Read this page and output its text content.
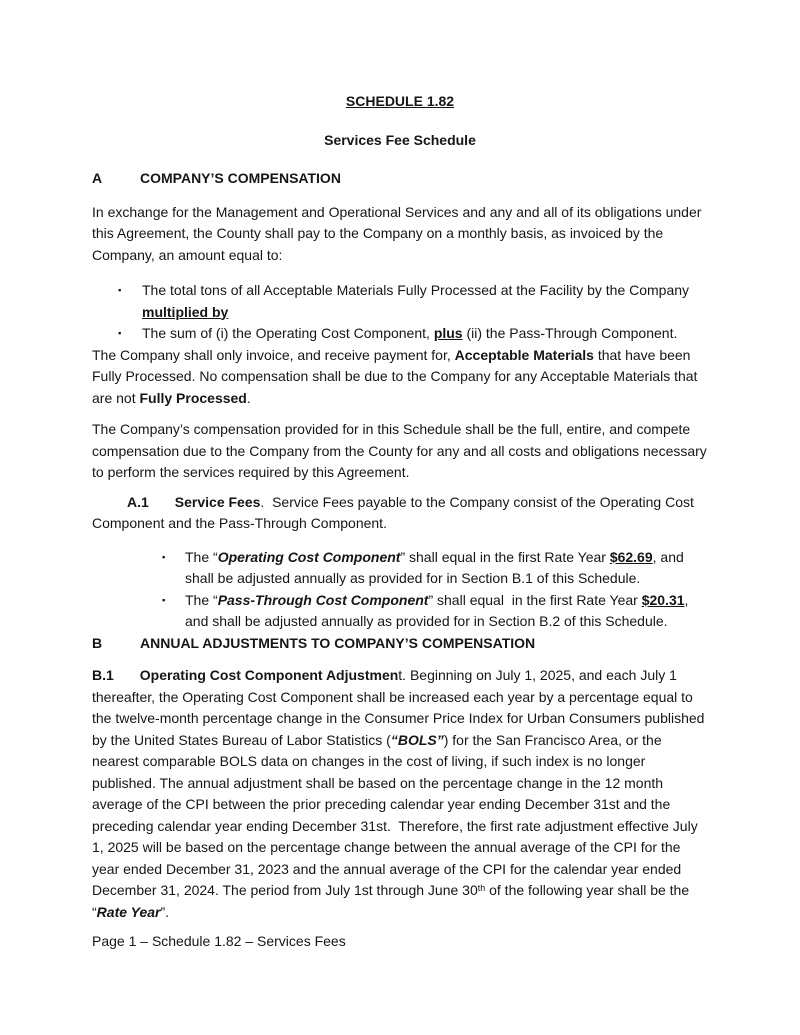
SCHEDULE 1.82
Services Fee Schedule
A	COMPANY’S COMPENSATION

In exchange for the Management and Operational Services and any and all of its obligations under this Agreement, the County shall pay to the Company on a monthly basis, as invoiced by the Company, an amount equal to:

▪ The total tons of all Acceptable Materials Fully Processed at the Facility by the Company multiplied by
▪ The sum of (i) the Operating Cost Component, plus (ii) the Pass-Through Component.

The Company shall only invoice, and receive payment for, Acceptable Materials that have been Fully Processed. No compensation shall be due to the Company for any Acceptable Materials that are not Fully Processed.

The Company’s compensation provided for in this Schedule shall be the full, entire, and compete compensation due to the Company from the County for any and all costs and obligations necessary to perform the services required by this Agreement.

A.1 Service Fees.  Service Fees payable to the Company consist of the Operating Cost Component and the Pass-Through Component.

▪ The “Operating Cost Component” shall equal in the first Rate Year $62.69, and shall be adjusted annually as provided for in Section B.1 of this Schedule.
▪ The “Pass-Through Cost Component” shall equal  in the first Rate Year $20.31, and shall be adjusted annually as provided for in Section B.2 of this Schedule.
B	ANNUAL ADJUSTMENTS TO COMPANY’S COMPENSATION

B.1 Operating Cost Component Adjustment. Beginning on July 1, 2025, and each July 1 thereafter, the Operating Cost Component shall be increased each year by a percentage equal to the twelve-month percentage change in the Consumer Price Index for Urban Consumers published by the United States Bureau of Labor Statistics (“BOLS”) for the San Francisco Area, or the nearest comparable BOLS data on changes in the cost of living, if such index is no longer published. The annual adjustment shall be based on the percentage change in the 12 month average of the CPI between the prior preceding calendar year ending December 31st and the preceding calendar year ending December 31st.  Therefore, the first rate adjustment effective July 1, 2025 will be based on the percentage change between the annual average of the CPI for the year ended December 31, 2023 and the annual average of the CPI for the calendar year ended December 31, 2024. The period from July 1st through June 30th of the following year shall be the “Rate Year”.

Page 1 – Schedule 1.82 – Services Fees
